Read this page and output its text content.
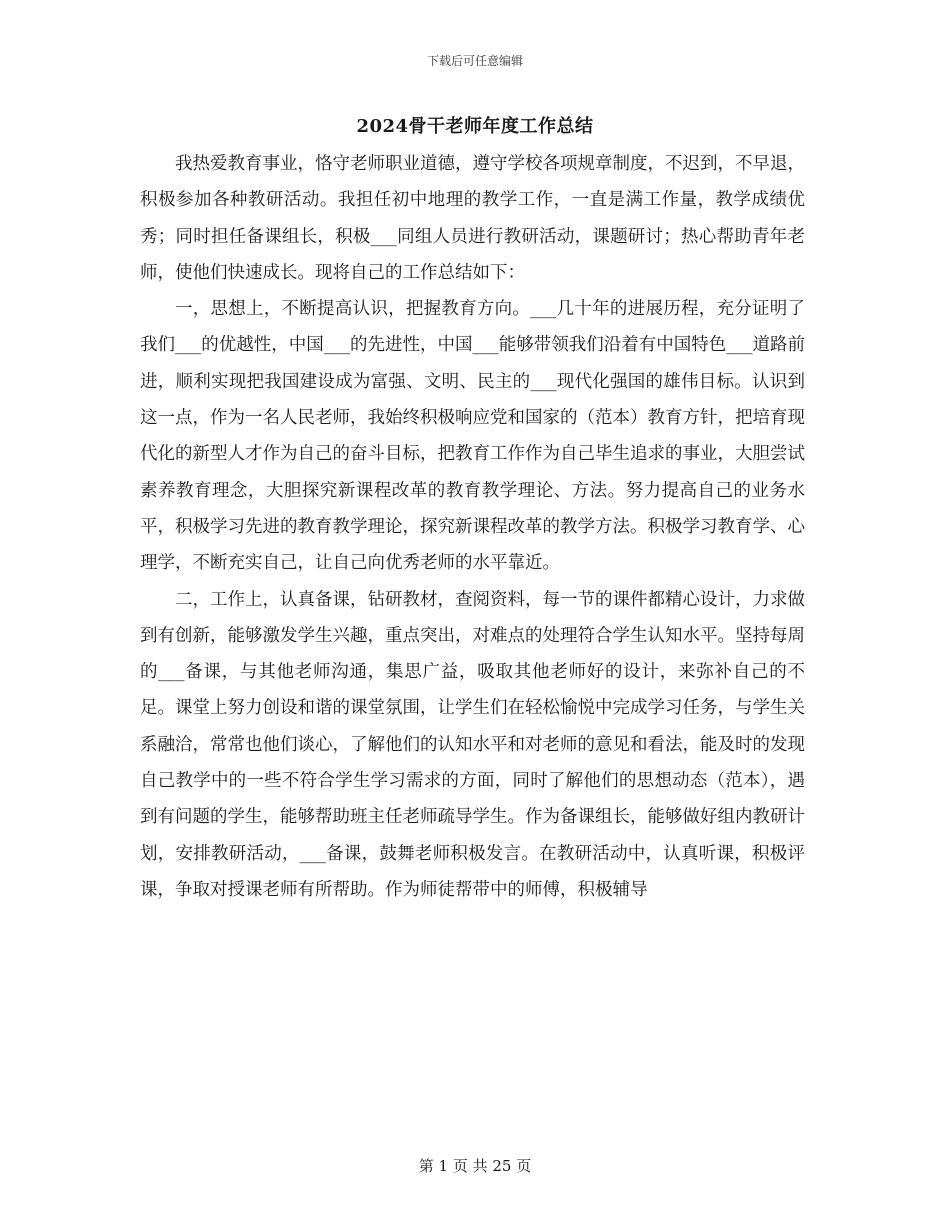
下载后可任意编辑
2024骨干老师年度工作总结

我热爱教育事业，恪守老师职业道德，遵守学校各项规章制度，不迟到，不早退，积极参加各种教研活动。我担任初中地理的教学工作，一直是满工作量，教学成绩优秀；同时担任备课组长，积极___同组人员进行教研活动，课题研讨；热心帮助青年老师，使他们快速成长。现将自己的工作总结如下：

一，思想上，不断提高认识，把握教育方向。___几十年的进展历程，充分证明了我们___的优越性，中国___的先进性，中国___能够带领我们沿着有中国特色___道路前进，顺利实现把我国建设成为富强、文明、民主的___现代化强国的雄伟目标。认识到这一点，作为一名人民老师，我始终积极响应党和国家的（范本）教育方针，把培育现代化的新型人才作为自己的奋斗目标，把教育工作作为自己毕生追求的事业，大胆尝试素养教育理念，大胆探究新课程改革的教育教学理论、方法。努力提高自己的业务水平，积极学习先进的教育教学理论，探究新课程改革的教学方法。积极学习教育学、心理学，不断充实自己，让自己向优秀老师的水平靠近。

二，工作上，认真备课，钻研教材，查阅资料，每一节的课件都精心设计，力求做到有创新，能够激发学生兴趣，重点突出，对难点的处理符合学生认知水平。坚持每周的___备课，与其他老师沟通，集思广益，吸取其他老师好的设计，来弥补自己的不足。课堂上努力创设和谐的课堂氛围，让学生们在轻松愉悦中完成学习任务，与学生关系融洽，常常也他们谈心，了解他们的认知水平和对老师的意见和看法，能及时的发现自己教学中的一些不符合学生学习需求的方面，同时了解他们的思想动态（范本），遇到有问题的学生，能够帮助班主任老师疏导学生。作为备课组长，能够做好组内教研计划，安排教研活动，___备课，鼓舞老师积极发言。在教研活动中，认真听课，积极评课，争取对授课老师有所帮助。作为师徒帮带中的师傅，积极辅导

第 1 页 共 25 页
